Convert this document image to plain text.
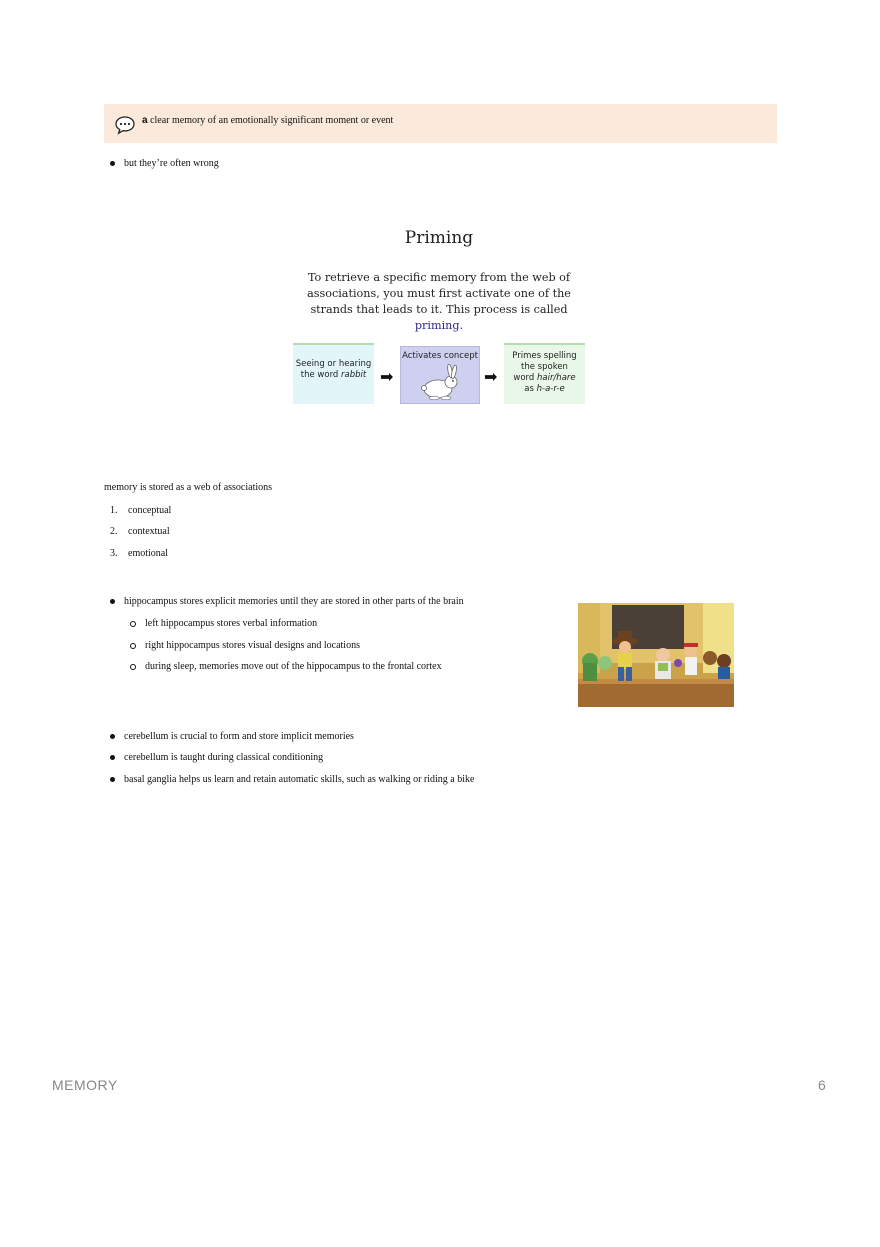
a clear memory of an emotionally significant moment or event
but they’re often wrong
Priming
To retrieve a specific memory from the web of
associations, you must first activate one of the
strands that leads to it. This process is called
priming.
Seeing or hearing
the word rabbit ➡
Activates concept
➡
Primes spelling
the spoken
word hair/hare
as h-a-r-e
memory is stored as a web of associations
1.	conceptual
2.	contextual
3.	emotional
hippocampus stores explicit memories until they are stored in other parts of the brain
left hippocampus stores verbal information
right hippocampus stores visual designs and locations
during sleep, memories move out of the hippocampus to the frontal cortex
cerebellum is crucial to form and store implicit memories
cerebellum is taught during classical conditioning
basal ganglia helps us learn and retain automatic skills, such as walking or riding a bike
MEMORY	6
